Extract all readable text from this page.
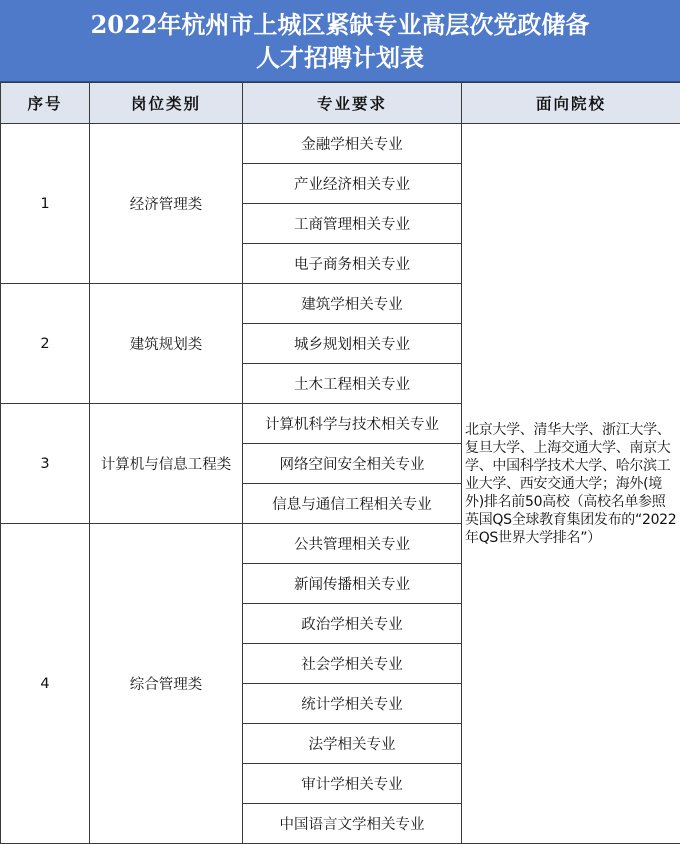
2022年杭州市上城区紧缺专业高层次党政储备
人才招聘计划表
序号	岗位类别	专业要求	面向院校
1	经济管理类	金融学相关专业	北京大学、清华大学、浙江大学、复旦大学、上海交通大学、南京大学、中国科学技术大学、哈尔滨工业大学、西安交通大学；海外(境外)排名前50高校（高校名单参照英国QS全球教育集团发布的“2022年QS世界大学排名”）
		产业经济相关专业	
		工商管理相关专业	
		电子商务相关专业	
2	建筑规划类	建筑学相关专业	
		城乡规划相关专业	
		土木工程相关专业	
3	计算机与信息工程类	计算机科学与技术相关专业	
		网络空间安全相关专业	
		信息与通信工程相关专业	
4	综合管理类	公共管理相关专业	
		新闻传播相关专业	
		政治学相关专业	
		社会学相关专业	
		统计学相关专业	
		法学相关专业	
		审计学相关专业	
		中国语言文学相关专业	
